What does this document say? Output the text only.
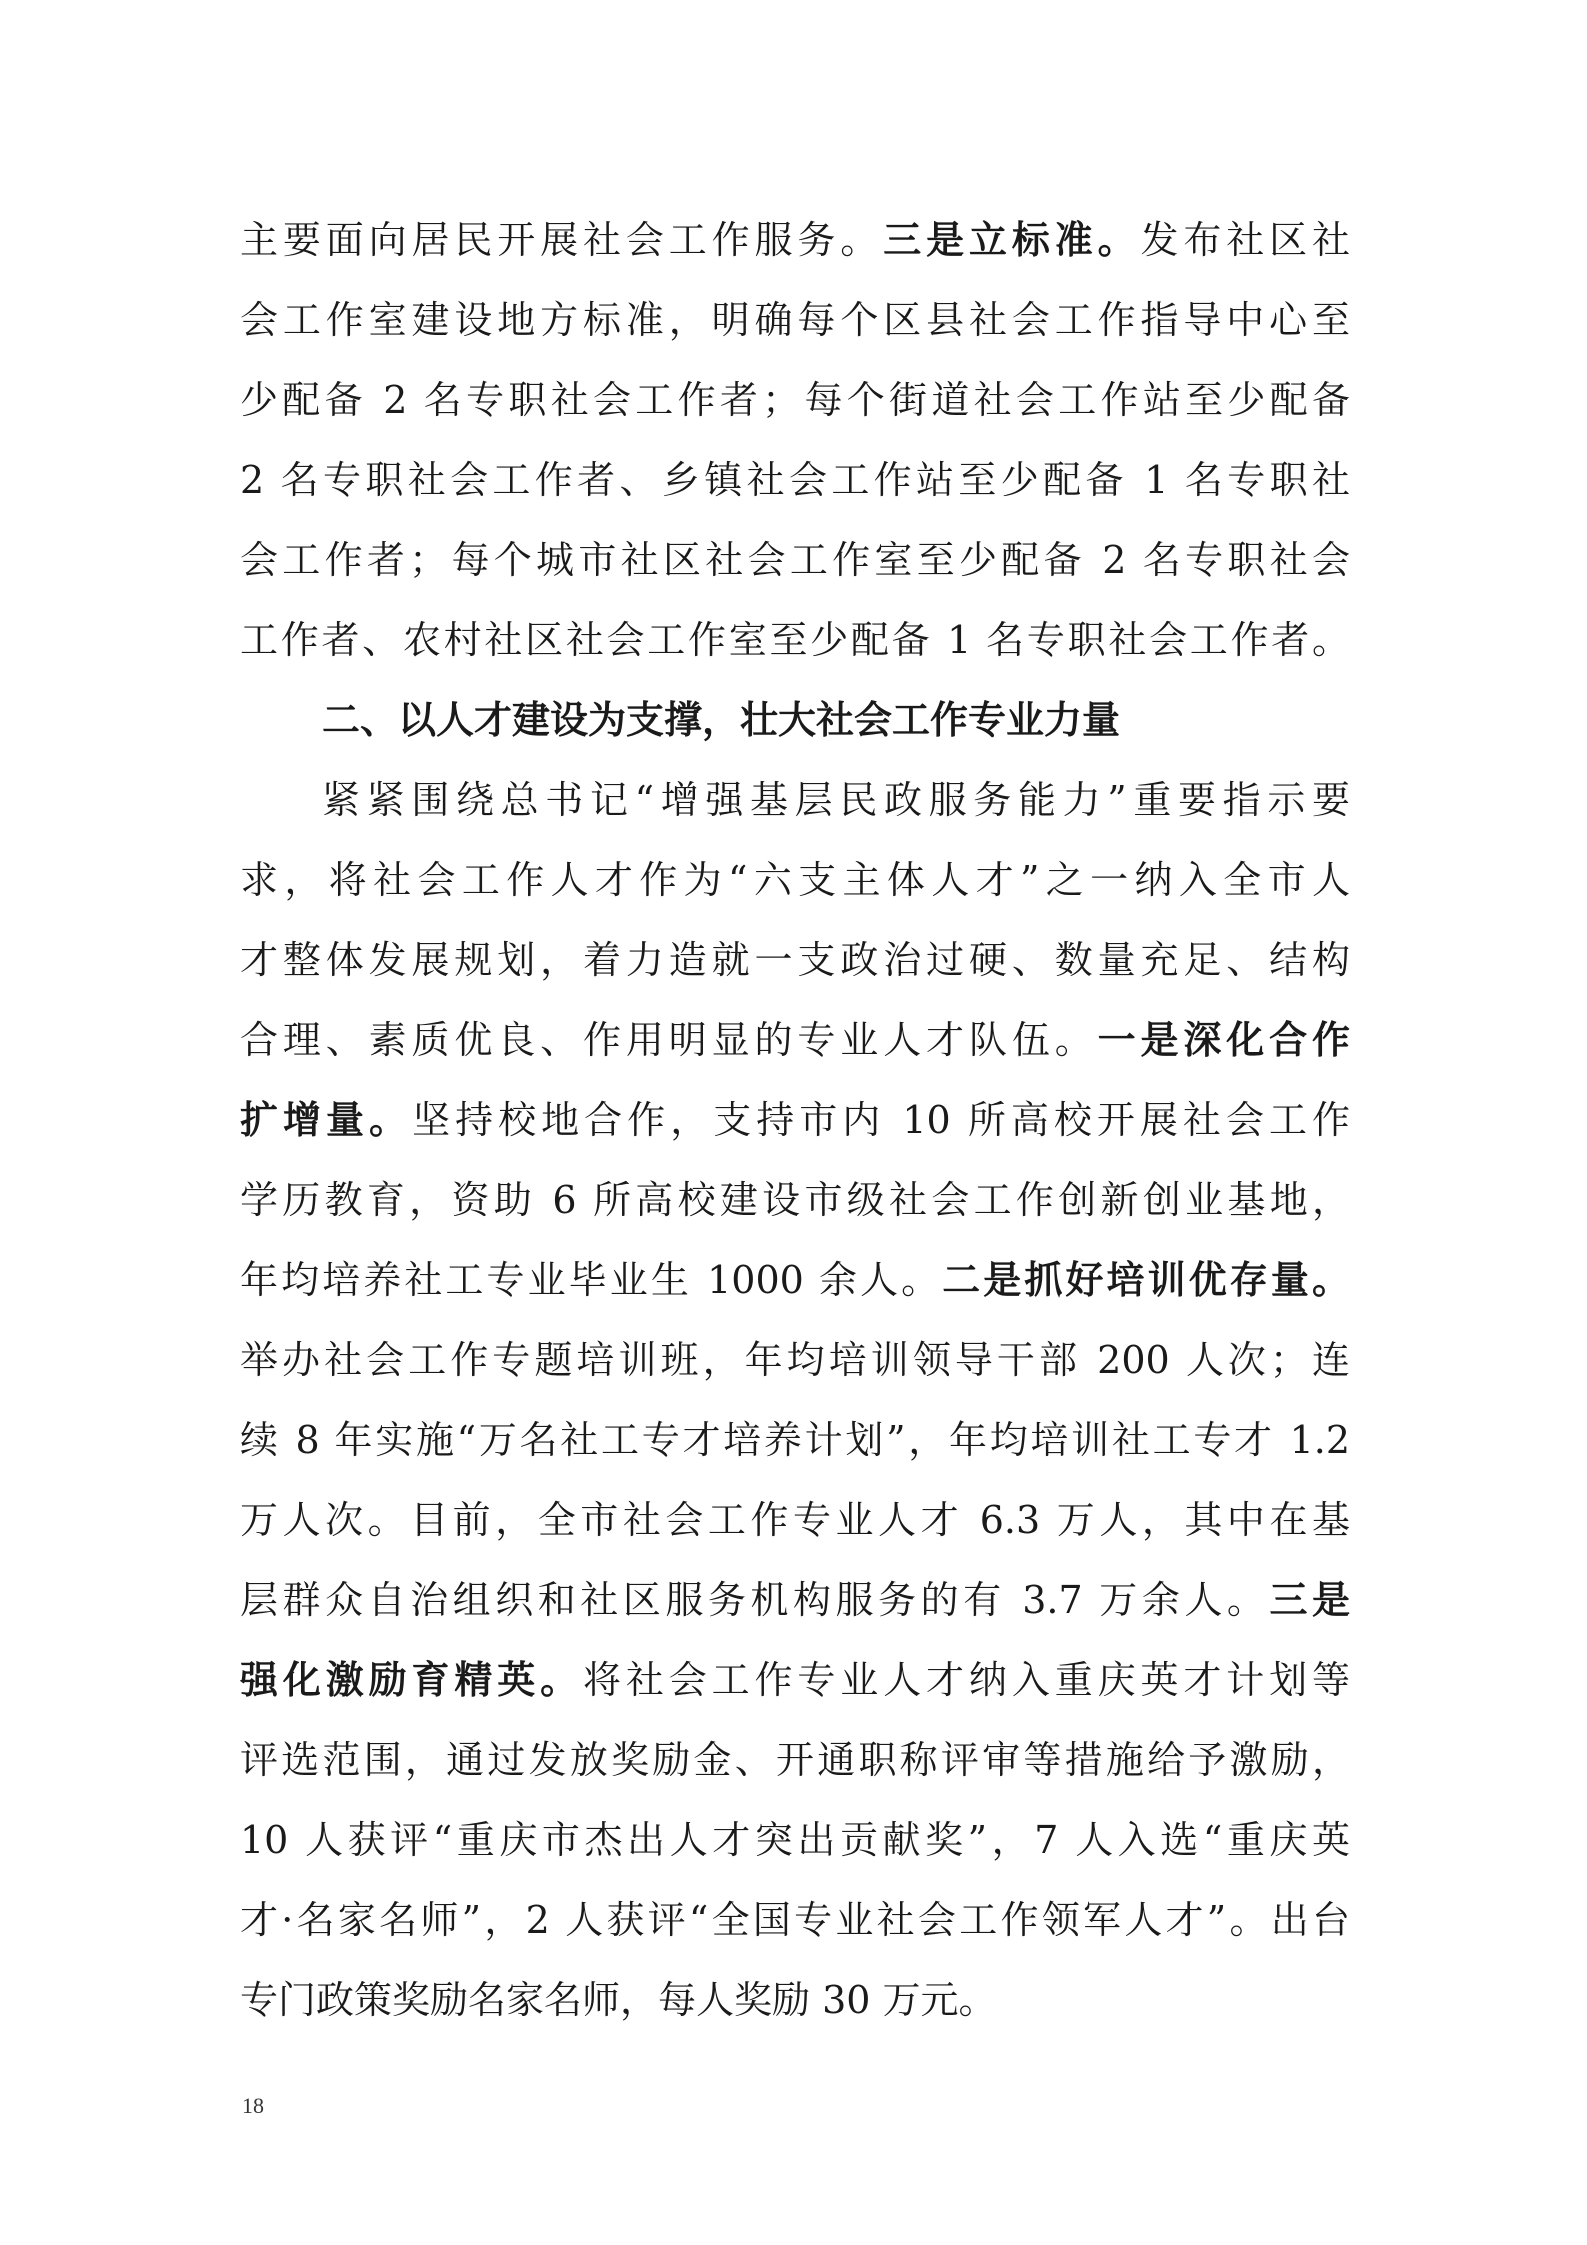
主要面向居民开展社会工作服务。三是立标准。发布社区社
会工作室建设地方标准，明确每个区县社会工作指导中心至
少配备 2 名专职社会工作者；每个街道社会工作站至少配备
2 名专职社会工作者、乡镇社会工作站至少配备 1 名专职社
会工作者；每个城市社区社会工作室至少配备 2 名专职社会
工作者、农村社区社会工作室至少配备 1 名专职社会工作者。
二、以人才建设为支撑，壮大社会工作专业力量
紧紧围绕总书记“增强基层民政服务能力”重要指示要
求，将社会工作人才作为“六支主体人才”之一纳入全市人
才整体发展规划，着力造就一支政治过硬、数量充足、结构
合理、素质优良、作用明显的专业人才队伍。一是深化合作
扩增量。坚持校地合作，支持市内 10 所高校开展社会工作
学历教育，资助 6 所高校建设市级社会工作创新创业基地，
年均培养社工专业毕业生 1000 余人。二是抓好培训优存量。
举办社会工作专题培训班，年均培训领导干部 200 人次；连
续 8 年实施“万名社工专才培养计划”，年均培训社工专才 1.2
万人次。目前，全市社会工作专业人才 6.3 万人，其中在基
层群众自治组织和社区服务机构服务的有 3.7 万余人。三是
强化激励育精英。将社会工作专业人才纳入重庆英才计划等
评选范围，通过发放奖励金、开通职称评审等措施给予激励，
10 人获评“重庆市杰出人才突出贡献奖”，7 人入选“重庆英
才·名家名师”，2 人获评“全国专业社会工作领军人才”。出台
专门政策奖励名家名师，每人奖励 30 万元。
18
